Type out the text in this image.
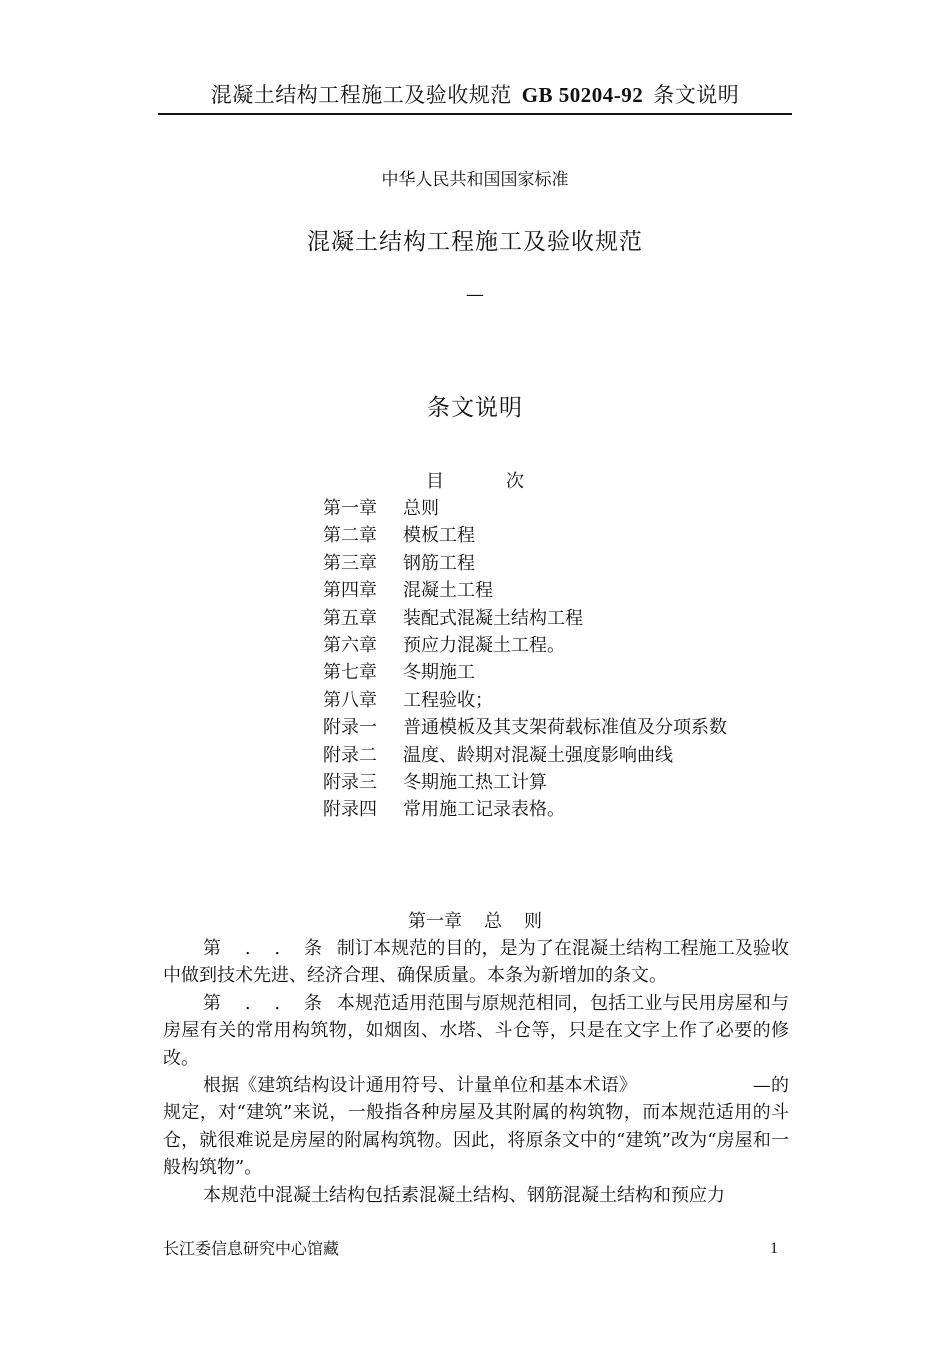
混凝土结构工程施工及验收规范 GB 50204-92 条文说明
中华人民共和国国家标准
混凝土结构工程施工及验收规范
—
条文说明
目	次
第一章 总则
第二章 模板工程
第三章 钢筋工程
第四章 混凝土工程
第五章 装配式混凝土结构工程
第六章 预应力混凝土工程。
第七章 冬期施工
第八章 工程验收；
附录一 普通模板及其支架荷载标准值及分项系数
附录二 温度、龄期对混凝土强度影响曲线
附录三 冬期施工热工计算
附录四 常用施工记录表格。
第一章 总 则

第 . . 条 制订本规范的目的，是为了在混凝土结构工程施工及验收中做到技术先进、经济合理、确保质量。本条为新增加的条文。

第 . . 条 本规范适用范围与原规范相同，包括工业与民用房屋和与房屋有关的常用构筑物，如烟囱、水塔、斗仓等，只是在文字上作了必要的修改。

根据《建筑结构设计通用符号、计量单位和基本术语》	—的规定，对“建筑”来说，一般指各种房屋及其附属的构筑物，而本规范适用的斗仓，就很难说是房屋的附属构筑物。因此，将原条文中的“建筑”改为“房屋和一般构筑物”。

本规范中混凝土结构包括素混凝土结构、钢筋混凝土结构和预应力

长江委信息研究中心馆藏	1
